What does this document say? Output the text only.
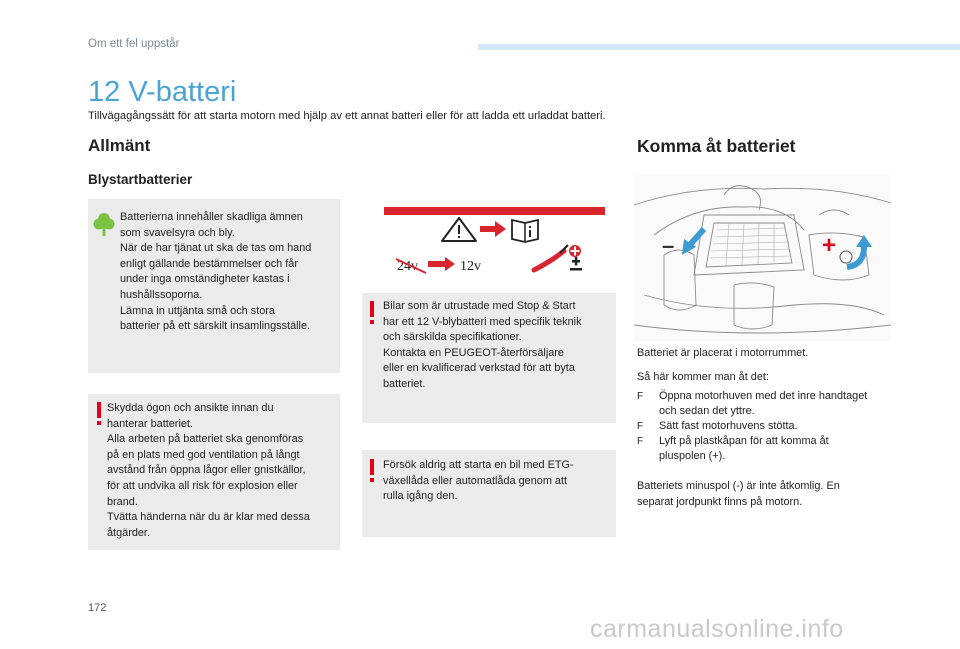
Om ett fel uppstår
12 V-batteri
Tillvägagångssätt för att starta motorn med hjälp av ett annat batteri eller för att ladda ett urladdat batteri.
Allmänt
Blystartbatterier
Batterierna innehåller skadliga ämnen
som svavelsyra och bly.
När de har tjänat ut ska de tas om hand
enligt gällande bestämmelser och får
under inga omständigheter kastas i
hushållssoporna.
Lämna in uttjänta små och stora
batterier på ett särskilt insamlingsställe.
Skydda ögon och ansikte innan du
hanterar batteriet.
Alla arbeten på batteriet ska genomföras
på en plats med god ventilation på långt
avstånd från öppna lågor eller gnistkällor,
för att undvika all risk för explosion eller
brand.
Tvätta händerna när du är klar med dessa
åtgärder.
24v	12v
Bilar som är utrustade med Stop & Start
har ett 12 V-blybatteri med specifik teknik
och särskilda specifikationer.
Kontakta en PEUGEOT-återförsäljare
eller en kvalificerad verkstad för att byta
batteriet.
Försök aldrig att starta en bil med ETG-
växellåda eller automatlåda genom att
rulla igång den.
Komma åt batteriet
–	+
Batteriet är placerat i motorrummet.
Så här kommer man åt det:
F Öppna motorhuven med det inre handtaget
och sedan det yttre.
F Sätt fast motorhuvens stötta.
F Lyft på plastkåpan för att komma åt
pluspolen (+).
Batteriets minuspol (-) är inte åtkomlig. En
separat jordpunkt finns på motorn.
172
carmanualsonline.info
